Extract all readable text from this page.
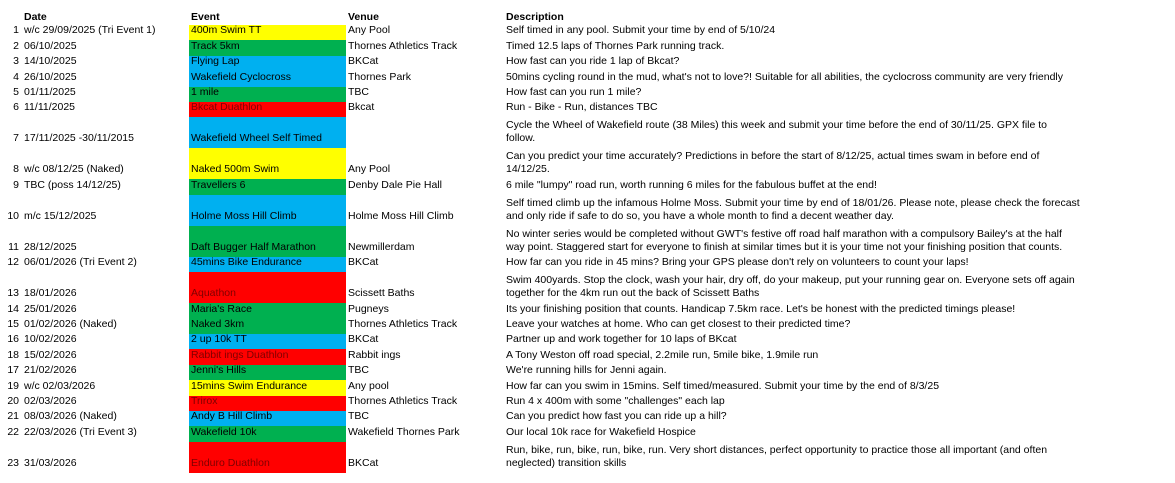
Date	Event	Venue	Description
1 w/c 29/09/2025 (Tri Event 1)	400m Swim TT	Any Pool	Self timed in any pool. Submit your time by end of 5/10/24
2 06/10/2025	Track 5km	Thornes Athletics Track	Timed 12.5 laps of Thornes Park running track.
3 14/10/2025	Flying Lap	BKCat	How fast can you ride 1 lap of Bkcat?
4 26/10/2025	Wakefield Cyclocross	Thornes Park	50mins cycling round in the mud, what's not to love?! Suitable for all abilities, the cyclocross community are very friendly
5 01/11/2025	1 mile	TBC	How fast can you run 1 mile?
6 11/11/2025	Bkcat Duathlon	Bkcat	Run - Bike - Run, distances TBC
7 17/11/2025 -30/11/2015	Wakefield Wheel Self Timed
Cycle the Wheel of Wakefield route (38 Miles) this week and submit your time before the end of 30/11/25. GPX file to
follow.
8 w/c 08/12/25 (Naked)	Naked 500m Swim	Any Pool
Can you predict your time accurately? Predictions in before the start of 8/12/25, actual times swam in before end of
14/12/25.
9 TBC (poss 14/12/25)	Travellers 6	Denby Dale Pie Hall	6 mile "lumpy" road run, worth running 6 miles for the fabulous buffet at the end!
10 m/c 15/12/2025	Holme Moss Hill Climb	Holme Moss Hill Climb
Self timed climb up the infamous Holme Moss. Submit your time by end of 18/01/26. Please note, please check the forecast
and only ride if safe to do so, you have a whole month to find a decent weather day.
11 28/12/2025	Daft Bugger Half Marathon	Newmillerdam
No winter series would be completed without GWT's festive off road half marathon with a compulsory Bailey's at the half
way point. Staggered start for everyone to finish at similar times but it is your time not your finishing position that counts.
12 06/01/2026 (Tri Event 2)	45mins Bike Endurance	BKCat	How far can you ride in 45 mins? Bring your GPS please don't rely on volunteers to count your laps!
13 18/01/2026	Aquathon	Scissett Baths
Swim 400yards. Stop the clock, wash your hair, dry off, do your makeup, put your running gear on. Everyone sets off again
together for the 4km run out the back of Scissett Baths
14 25/01/2026	Maria's Race	Pugneys	Its your finishing position that counts. Handicap 7.5km race. Let's be honest with the predicted timings please!
15 01/02/2026 (Naked)	Naked 3km	Thornes Athletics Track	Leave your watches at home. Who can get closest to their predicted time?
16 10/02/2026	2 up 10k TT	BKCat	Partner up and work together for 10 laps of BKcat
18 15/02/2026	Rabbit ings Duathlon	Rabbit ings	A Tony Weston off road special, 2.2mile run, 5mile bike, 1.9mile run
17 21/02/2026	Jenni's Hills	TBC	We're running hills for Jenni again.
19 w/c 02/03/2026	15mins Swim Endurance	Any pool	How far can you swim in 15mins. Self timed/measured. Submit your time by the end of 8/3/25
20 02/03/2026	Trirox	Thornes Athletics Track	Run 4 x 400m with some "challenges" each lap
21 08/03/2026 (Naked)	Andy B Hill Climb	TBC	Can you predict how fast you can ride up a hill?
22 22/03/2026 (Tri Event 3)	Wakefield 10k	Wakefield Thornes Park	Our local 10k race for Wakefield Hospice
23 31/03/2026	Enduro Duathlon	BKCat
Run, bike, run, bike, run, bike, run. Very short distances, perfect opportunity to practice those all important (and often
neglected) transition skills
